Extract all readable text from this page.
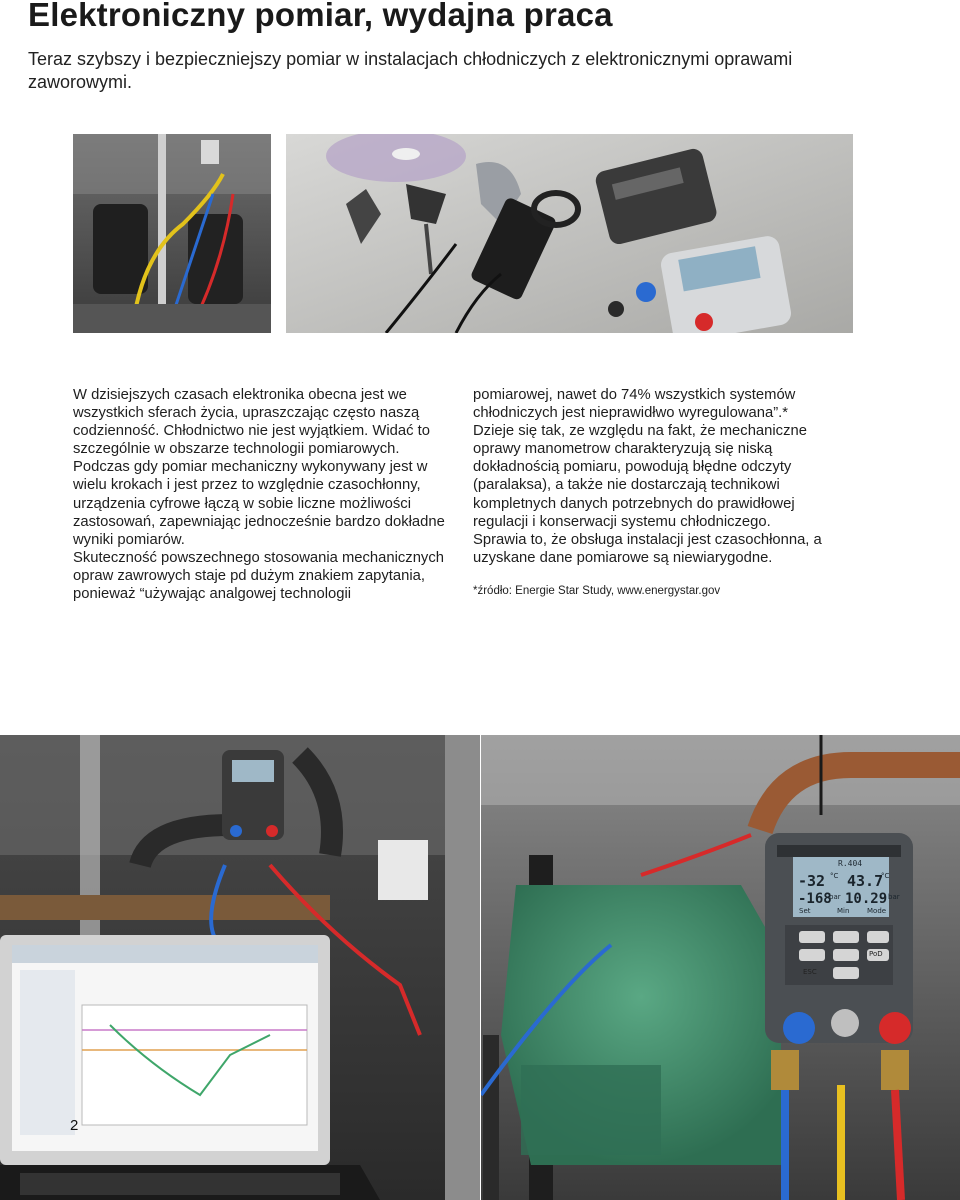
Elektroniczny pomiar, wydajna praca

Teraz szybszy i bezpieczniejszy pomiar w instalacjach chłodniczych z elektronicznymi oprawami zaworowymi.

W dzisiejszych czasach elektronika obecna jest we wszystkich sferach życia, upraszczając często naszą codzienność. Chłodnictwo nie jest wyjątkiem. Widać to szczególnie w obszarze technologii pomiarowych.

Podczas gdy pomiar mechaniczny wykonywany jest w wielu krokach i jest przez to względnie czasochłonny, urządzenia cyfrowe łączą w sobie liczne możliwości zastosowań, zapewniając jednocześnie bardzo dokładne wyniki pomiarów.

Skuteczność powszechnego stosowania mechanicznych opraw zawrowych staje pd dużym znakiem zapytania, ponieważ “używając analgowej technologii

pomiarowej, nawet do 74% wszystkich systemów chłodniczych jest nieprawidłwo wyregulowana”.*

Dzieje się tak, ze względu na fakt, że mechaniczne oprawy manometrow charakteryzują się niską dokładnością pomiaru, powodują błędne odczyty (paralaksa), a także nie dostarczają technikowi kompletnych danych potrzebnych do prawidłowej regulacji i konserwacji systemu chłodniczego.

Sprawia to, że obsługa instalacji jest czasochłonna, a uzyskane dane pomiarowe są niewiarygodne.

*źródło: Energie Star Study, www.energystar.gov
2
R.404
-32 °C 43.7
°C
-168
bar 10.29 bar
Set	Min	Mode
ESC
PoD
